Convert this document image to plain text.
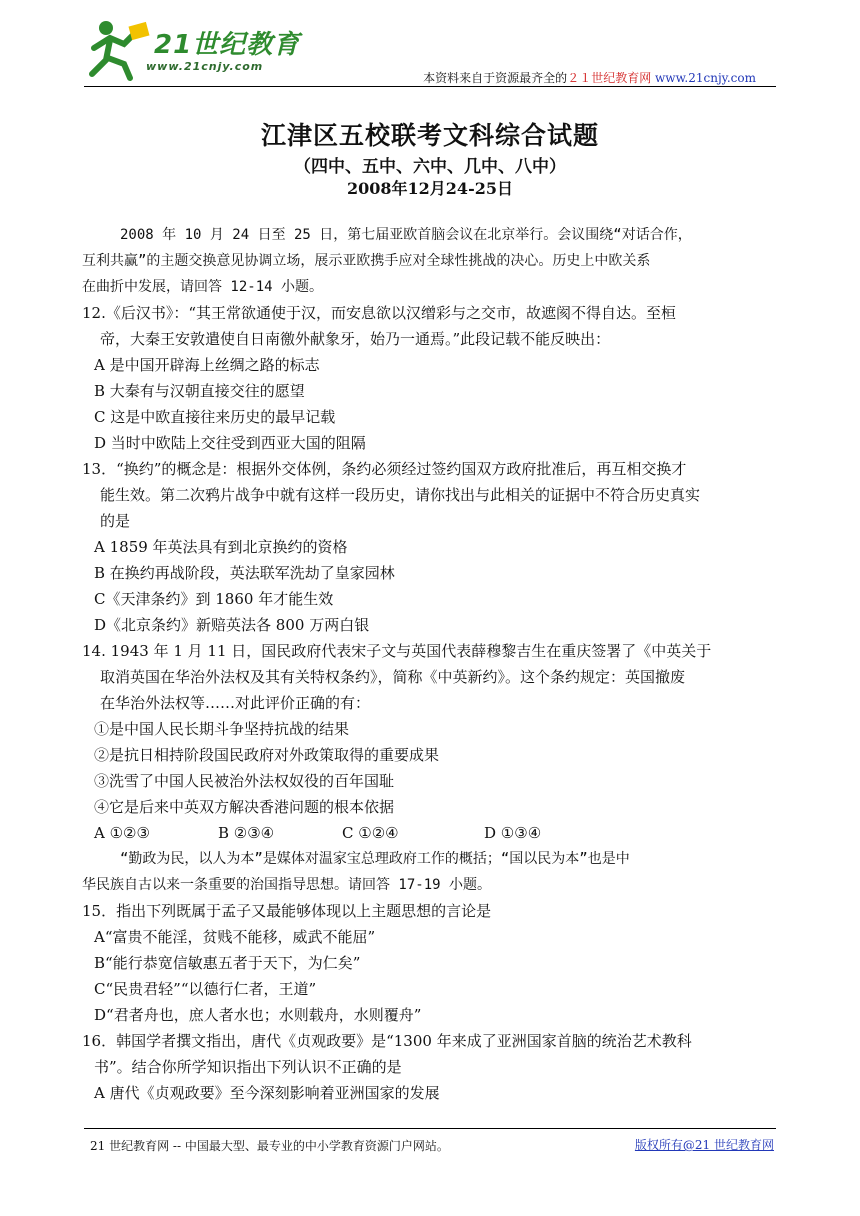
21世纪教育
www.21cnjy.com
本资料来自于资源最齐全的２１世纪教育网 www.21cnjy.com
江津区五校联考文科综合试题
（四中、五中、六中、几中、八中）
2008年12月24-25日
2008 年 10 月 24 日至 25 日，第七届亚欧首脑会议在北京举行。会议围绕“对话合作，
互利共赢”的主题交换意见协调立场，展示亚欧携手应对全球性挑战的决心。历史上中欧关系
在曲折中发展，请回答 12-14 小题。
12.《后汉书》：“其王常欲通使于汉，而安息欲以汉缯彩与之交市，故遮阂不得自达。至桓
帝，大秦王安敦遣使自日南徼外献象牙，始乃一通焉。”此段记载不能反映出：
A 是中国开辟海上丝绸之路的标志
B 大秦有与汉朝直接交往的愿望
C 这是中欧直接往来历史的最早记载
D 当时中欧陆上交往受到西亚大国的阻隔
13．“换约”的概念是：根据外交体例，条约必须经过签约国双方政府批准后，再互相交换才
能生效。第二次鸦片战争中就有这样一段历史，请你找出与此相关的证据中不符合历史真实
的是
A 1859 年英法具有到北京换约的资格
B 在换约再战阶段，英法联军洗劫了皇家园林
C《天津条约》到 1860 年才能生效
D《北京条约》新赔英法各 800 万两白银
14. 1943 年 1 月 11 日，国民政府代表宋子文与英国代表薛穆黎吉生在重庆签署了《中英关于
取消英国在华治外法权及其有关特权条约》，简称《中英新约》。这个条约规定：英国撤废
在华治外法权等……对此评价正确的有：
①是中国人民长期斗争坚持抗战的结果
②是抗日相持阶段国民政府对外政策取得的重要成果
③洗雪了中国人民被治外法权奴役的百年国耻
④它是后来中英双方解决香港问题的根本依据
A ①②③	B ②③④	C ①②④	D ①③④
“勤政为民，以人为本”是媒体对温家宝总理政府工作的概括；“国以民为本”也是中
华民族自古以来一条重要的治国指导思想。请回答 17-19 小题。
15．指出下列既属于孟子又最能够体现以上主题思想的言论是
A“富贵不能淫，贫贱不能移，威武不能屈”
B“能行恭宽信敏惠五者于天下，为仁矣”
C“民贵君轻”“以德行仁者，王道”
D“君者舟也，庶人者水也；水则载舟，水则覆舟”
16．韩国学者撰文指出，唐代《贞观政要》是“1300 年来成了亚洲国家首脑的统治艺术教科
书”。结合你所学知识指出下列认识不正确的是
A 唐代《贞观政要》至今深刻影响着亚洲国家的发展
21 世纪教育网 -- 中国最大型、最专业的中小学教育资源门户网站。	版权所有@21 世纪教育网
